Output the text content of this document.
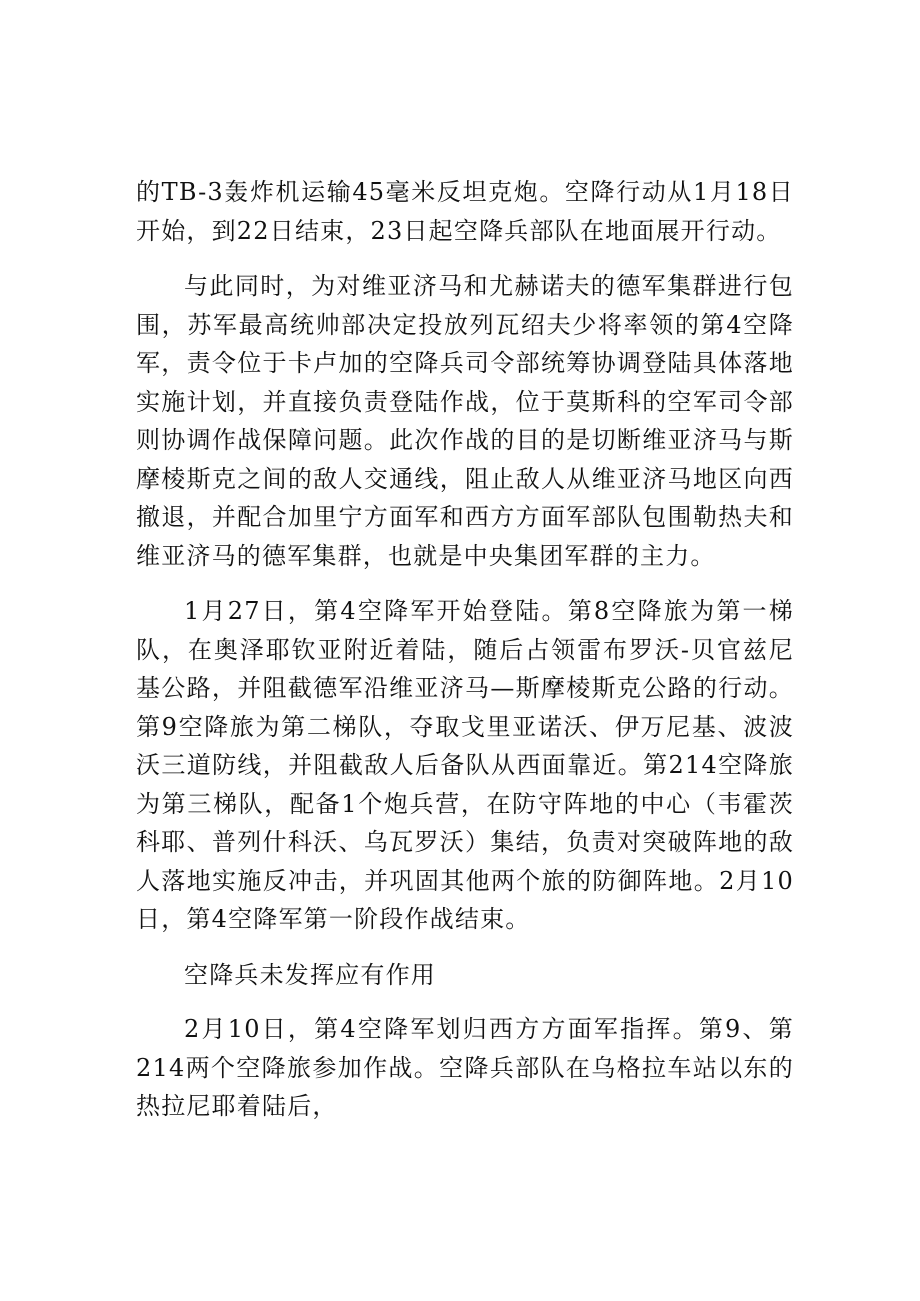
的TB-3轰炸机运输45毫米反坦克炮。空降行动从1月18日开始，到22日结束，23日起空降兵部队在地面展开行动。

与此同时，为对维亚济马和尤赫诺夫的德军集群进行包围，苏军最高统帅部决定投放列瓦绍夫少将率领的第4空降军，责令位于卡卢加的空降兵司令部统筹协调登陆具体落地实施计划，并直接负责登陆作战，位于莫斯科的空军司令部则协调作战保障问题。此次作战的目的是切断维亚济马与斯摩棱斯克之间的敌人交通线，阻止敌人从维亚济马地区向西撤退，并配合加里宁方面军和西方方面军部队包围勒热夫和维亚济马的德军集群，也就是中央集团军群的主力。

1月27日，第4空降军开始登陆。第8空降旅为第一梯队，在奥泽耶钦亚附近着陆，随后占领雷布罗沃-贝官兹尼基公路，并阻截德军沿维亚济马—斯摩棱斯克公路的行动。第9空降旅为第二梯队，夺取戈里亚诺沃、伊万尼基、波波沃三道防线，并阻截敌人后备队从西面靠近。第214空降旅为第三梯队，配备1个炮兵营，在防守阵地的中心（韦霍茨科耶、普列什科沃、乌瓦罗沃）集结，负责对突破阵地的敌人落地实施反冲击，并巩固其他两个旅的防御阵地。2月10日，第4空降军第一阶段作战结束。

空降兵未发挥应有作用

2月10日，第4空降军划归西方方面军指挥。第9、第214两个空降旅参加作战。空降兵部队在乌格拉车站以东的热拉尼耶着陆后，
